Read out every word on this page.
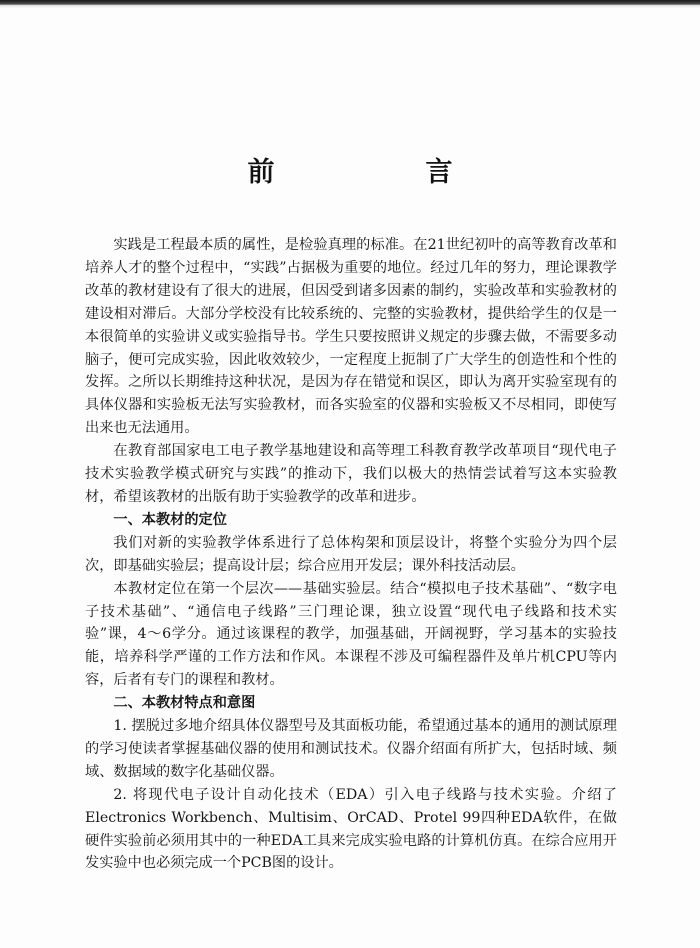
前　言

实践是工程最本质的属性，是检验真理的标准。在21世纪初叶的高等教育改革和培养人才的整个过程中，“实践”占据极为重要的地位。经过几年的努力，理论课教学改革的教材建设有了很大的进展，但因受到诸多因素的制约，实验改革和实验教材的建设相对滞后。大部分学校没有比较系统的、完整的实验教材，提供给学生的仅是一本很简单的实验讲义或实验指导书。学生只要按照讲义规定的步骤去做，不需要多动脑子，便可完成实验，因此收效较少，一定程度上扼制了广大学生的创造性和个性的发挥。之所以长期维持这种状况，是因为存在错觉和误区，即认为离开实验室现有的具体仪器和实验板无法写实验教材，而各实验室的仪器和实验板又不尽相同，即使写出来也无法通用。

在教育部国家电工电子教学基地建设和高等理工科教育教学改革项目“现代电子技术实验教学模式研究与实践”的推动下，我们以极大的热情尝试着写这本实验教材，希望该教材的出版有助于实验教学的改革和进步。

一、本教材的定位

我们对新的实验教学体系进行了总体构架和顶层设计，将整个实验分为四个层次，即基础实验层；提高设计层；综合应用开发层；课外科技活动层。

本教材定位在第一个层次——基础实验层。结合“模拟电子技术基础”、“数字电子技术基础”、“通信电子线路”三门理论课，独立设置“现代电子线路和技术实验”课，4～6学分。通过该课程的教学，加强基础，开阔视野，学习基本的实验技能，培养科学严谨的工作方法和作风。本课程不涉及可编程器件及单片机CPU等内容，后者有专门的课程和教材。

二、本教材特点和意图

1. 摆脱过多地介绍具体仪器型号及其面板功能，希望通过基本的通用的测试原理的学习使读者掌握基础仪器的使用和测试技术。仪器介绍面有所扩大，包括时域、频域、数据域的数字化基础仪器。

2. 将现代电子设计自动化技术（EDA）引入电子线路与技术实验。介绍了Electronics Workbench、Multisim、OrCAD、Protel 99四种EDA软件，在做硬件实验前必须用其中的一种EDA工具来完成实验电路的计算机仿真。在综合应用开发实验中也必须完成一个PCB图的设计。
